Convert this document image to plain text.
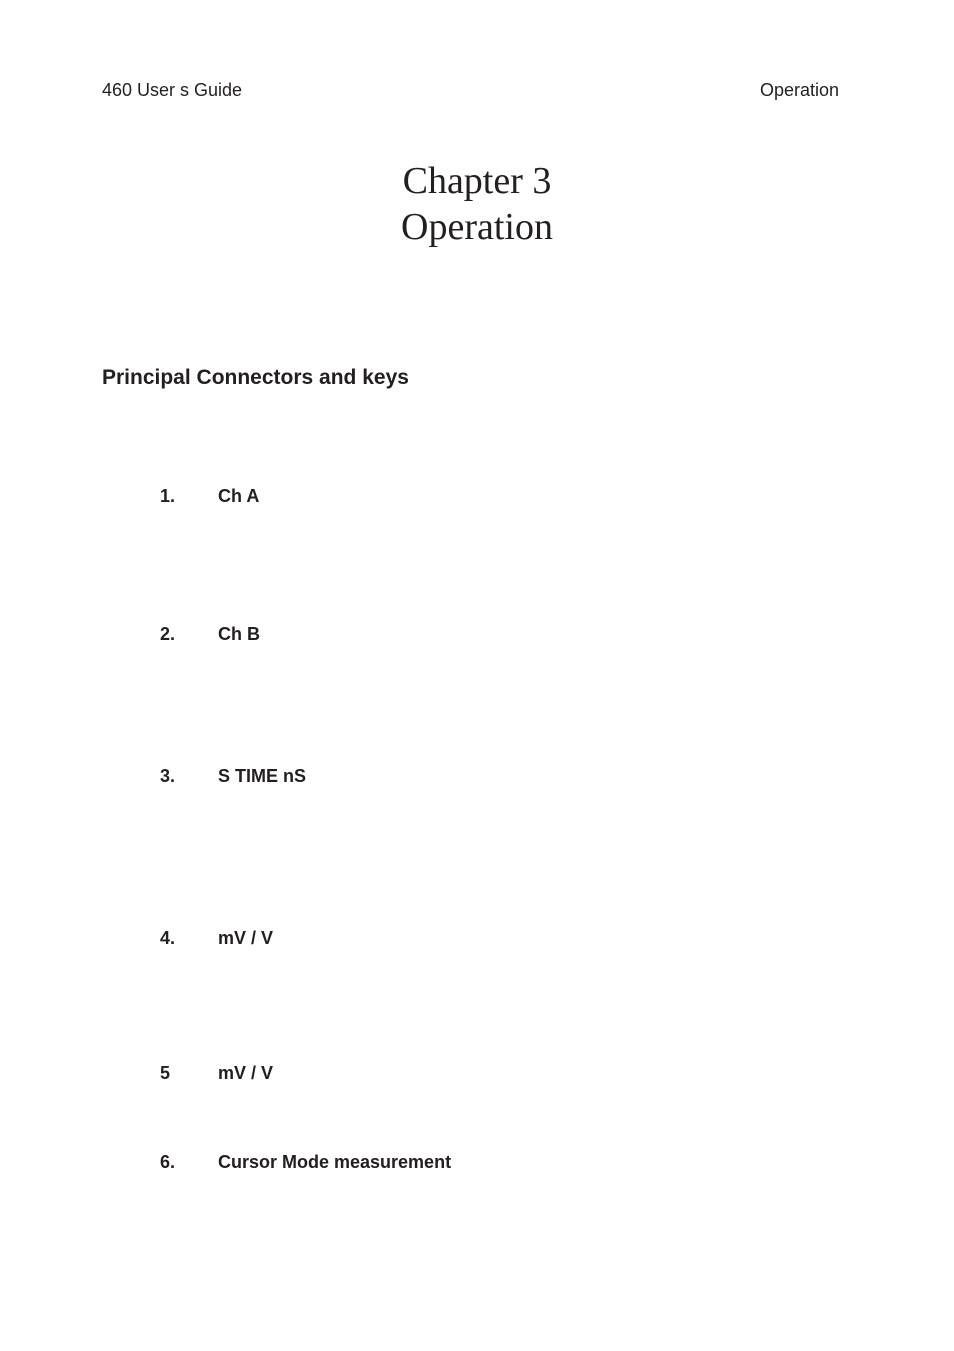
460 User s Guide	Operation
Chapter 3
Operation
Principal Connectors and keys
1. Ch A
2. Ch B
3. S TIME nS
4. mV / V
5	mV / V
6. Cursor Mode measurement
